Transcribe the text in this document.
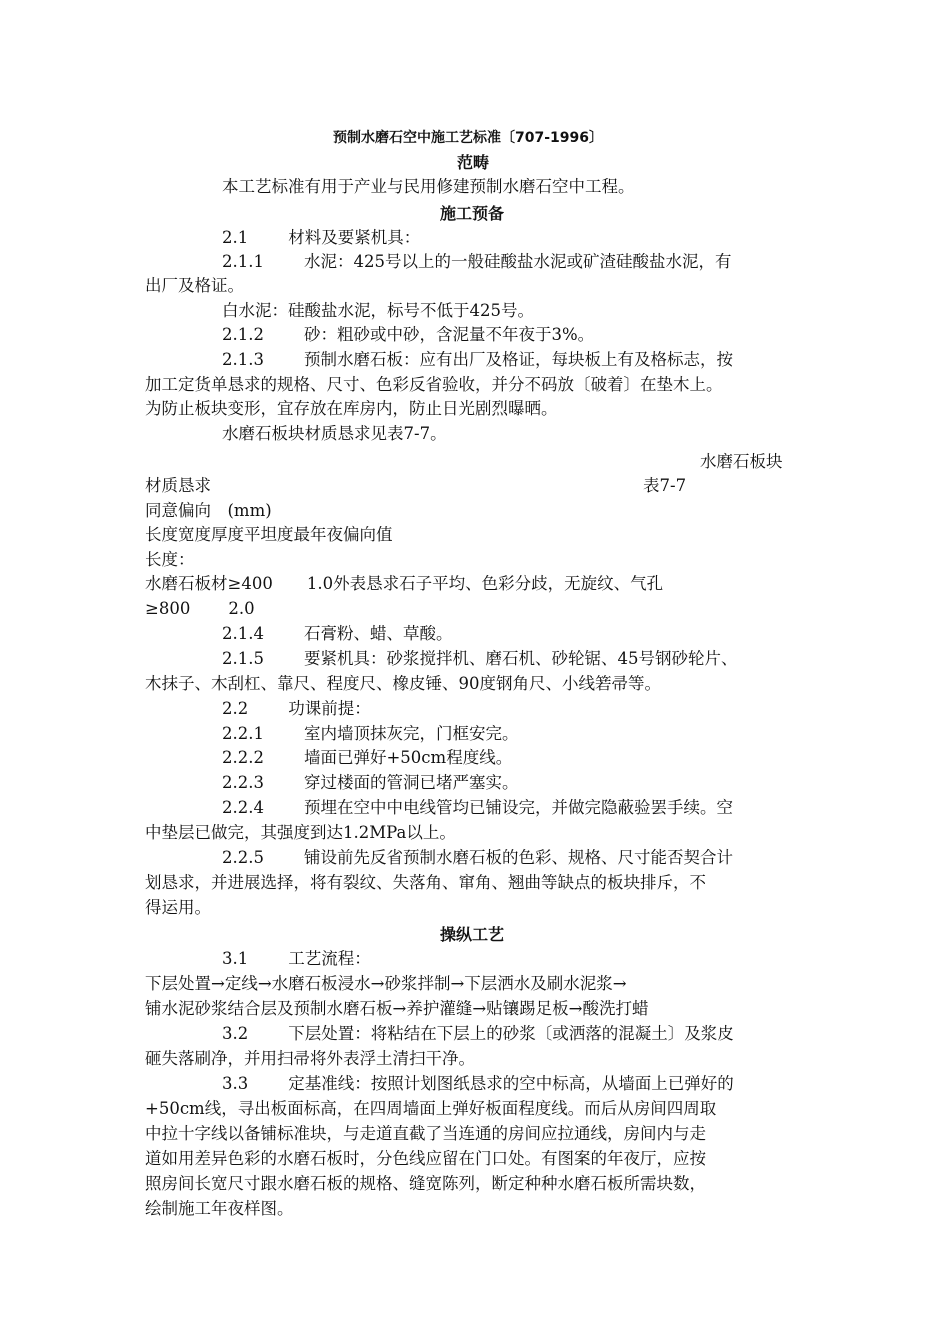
预制水磨石空中施工艺标准〔707-1996〕
范畴
本工艺标准有用于产业与民用修建预制水磨石空中工程。
施工预备
2.1 材料及要紧机具：
2.1.1 水泥：425号以上的一般硅酸盐水泥或矿渣硅酸盐水泥，有
出厂及格证。
白水泥：硅酸盐水泥，标号不低于425号。
2.1.2 砂：粗砂或中砂，含泥量不年夜于3%。
2.1.3 预制水磨石板：应有出厂及格证，每块板上有及格标志，按
加工定货单恳求的规格、尺寸、色彩反省验收，并分不码放〔破着〕在垫木上。
为防止板块变形，宜存放在库房内，防止日光剧烈曝晒。
水磨石板块材质恳求见表7-7。
水磨石板块
材质恳求	表7-7
同意偏向　(mm)
长度宽度厚度平坦度最年夜偏向值
长度：
水磨石板材≥400 1.0外表恳求石子平均、色彩分歧，无旋纹、气孔
≥800 2.0
2.1.4 石膏粉、蜡、草酸。
2.1.5 要紧机具：砂浆搅拌机、磨石机、砂轮锯、45号钢砂轮片、
木抹子、木刮杠、靠尺、程度尺、橡皮锤、90度钢角尺、小线箬帚等。
2.2 功课前提：
2.2.1 室内墙顶抹灰完，门框安完。
2.2.2 墙面已弹好+50cm程度线。
2.2.3 穿过楼面的管洞已堵严塞实。
2.2.4 预埋在空中中电线管均已铺设完，并做完隐蔽验罢手续。空
中垫层已做完，其强度到达1.2MPa以上。
2.2.5 铺设前先反省预制水磨石板的色彩、规格、尺寸能否契合计
划恳求，并进展选择，将有裂纹、失落角、窜角、翘曲等缺点的板块排斥，不
得运用。
操纵工艺
3.1 工艺流程：
下层处置→定线→水磨石板浸水→砂浆拌制→下层洒水及刷水泥浆→
铺水泥砂浆结合层及预制水磨石板→养护灌缝→贴镶踢足板→酸洗打蜡
3.2 下层处置：将粘结在下层上的砂浆〔或洒落的混凝土〕及浆皮
砸失落刷净，并用扫帚将外表浮土清扫干净。
3.3 定基准线：按照计划图纸恳求的空中标高，从墙面上已弹好的
+50cm线，寻出板面标高，在四周墙面上弹好板面程度线。而后从房间四周取
中拉十字线以备铺标准块，与走道直截了当连通的房间应拉通线，房间内与走
道如用差异色彩的水磨石板时，分色线应留在门口处。有图案的年夜厅，应按
照房间长宽尺寸跟水磨石板的规格、缝宽陈列，断定种种水磨石板所需块数，
绘制施工年夜样图。
